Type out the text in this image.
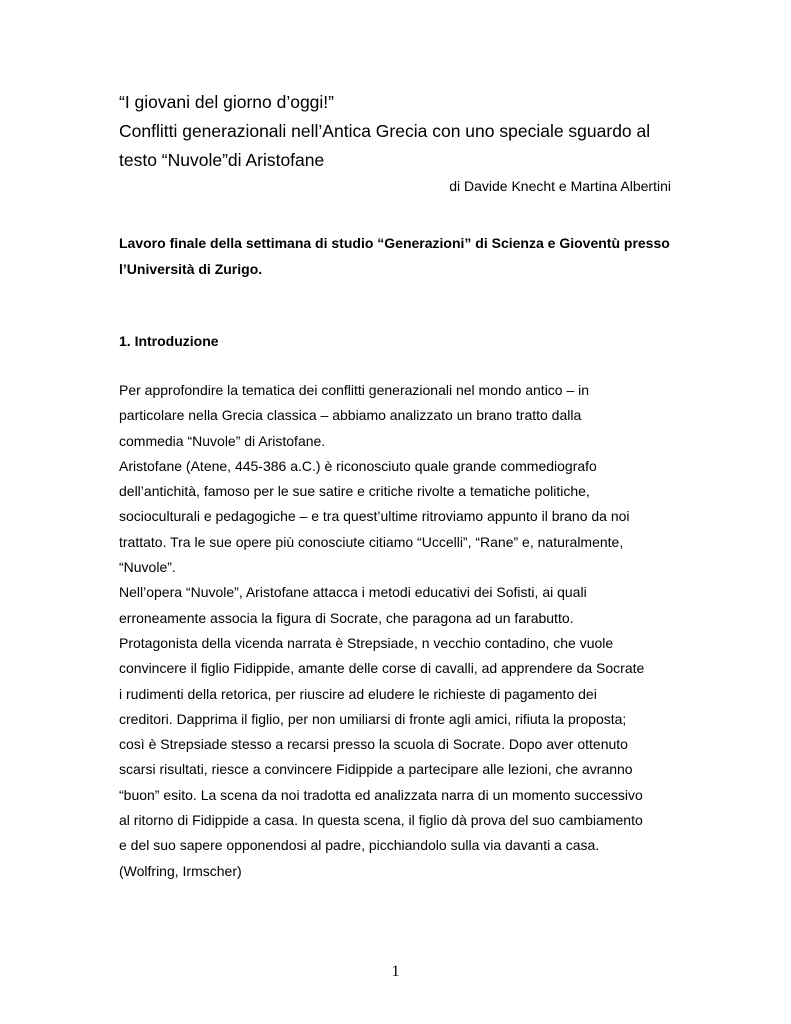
“I giovani del giorno d’oggi!”

Conflitti generazionali nell’Antica Grecia con uno speciale sguardo al

testo “Nuvole”di Aristofane

di Davide Knecht e Martina Albertini

Lavoro finale della settimana di studio “Generazioni” di Scienza e Gioventù presso
l’Università di Zurigo.

1. Introduzione

Per approfondire la tematica dei conflitti generazionali nel mondo antico – in
particolare nella Grecia classica – abbiamo analizzato un brano tratto dalla
commedia “Nuvole” di Aristofane.
Aristofane (Atene, 445-386 a.C.) è riconosciuto quale grande commediografo
dell’antichità, famoso per le sue satire e critiche rivolte a tematiche politiche,
socioculturali e pedagogiche – e tra quest’ultime ritroviamo appunto il brano da noi
trattato. Tra le sue opere più conosciute citiamo “Uccelli”, “Rane” e, naturalmente,
“Nuvole”.
Nell’opera “Nuvole”, Aristofane attacca i metodi educativi dei Sofisti, ai quali
erroneamente associa la figura di Socrate, che paragona ad un farabutto.
Protagonista della vicenda narrata è Strepsiade, n vecchio contadino, che vuole
convincere il figlio Fidippide, amante delle corse di cavalli, ad apprendere da Socrate
i rudimenti della retorica, per riuscire ad eludere le richieste di pagamento dei
creditori. Dapprima il figlio, per non umiliarsi di fronte agli amici, rifiuta la proposta;
così è Strepsiade stesso a recarsi presso la scuola di Socrate. Dopo aver ottenuto
scarsi risultati, riesce a convincere Fidippide a partecipare alle lezioni, che avranno
“buon” esito. La scena da noi tradotta ed analizzata narra di un momento successivo
al ritorno di Fidippide a casa. In questa scena, il figlio dà prova del suo cambiamento
e del suo sapere opponendosi al padre, picchiandolo sulla via davanti a casa.
(Wolfring, Irmscher)
1
